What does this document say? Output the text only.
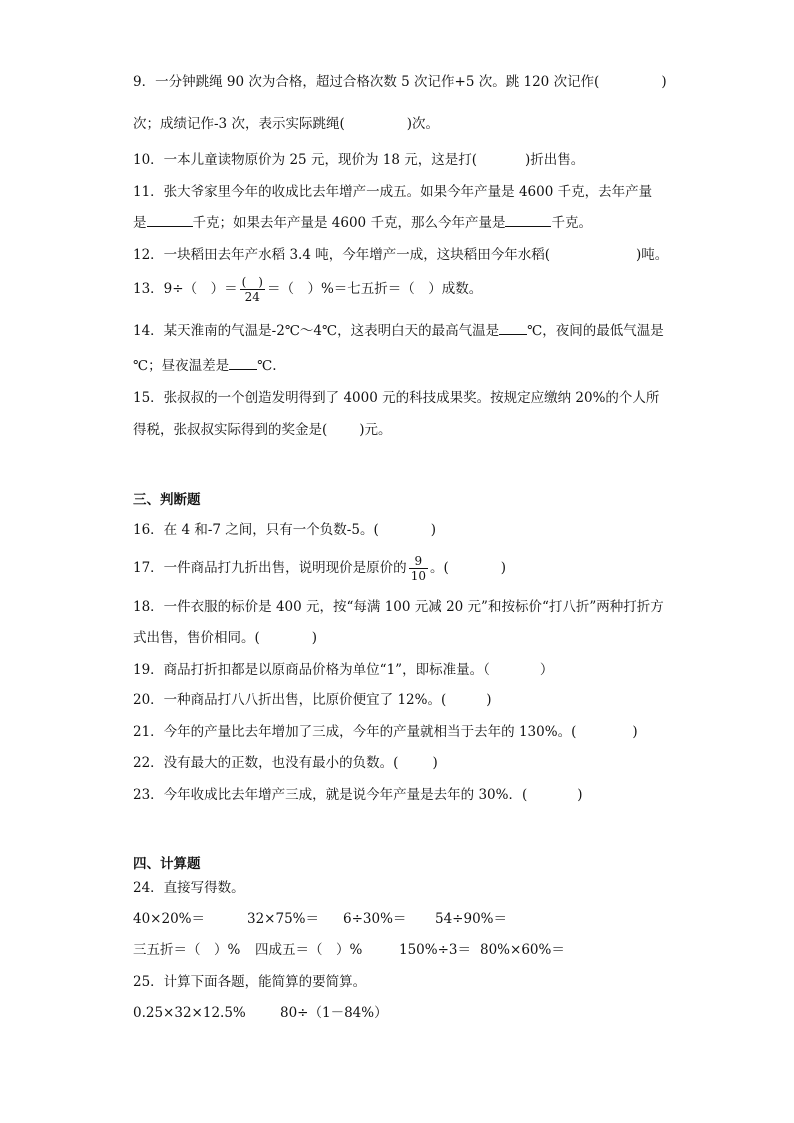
9．一分钟跳绳 90 次为合格，超过合格次数 5 次记作+5 次。跳 120 次记作(	)
次；成绩记作-3 次，表示实际跳绳(	)次。
10．一本儿童读物原价为 25 元，现价为 18 元，这是打(	)折出售。
11．张大爷家里今年的收成比去年增产一成五。如果今年产量是 4600 千克，去年产量
是	千克；如果去年产量是 4600 千克，那么今年产量是	千克。
12．一块稻田去年产水稻 3.4 吨，今年增产一成，这块稻田今年水稻(	)吨。
13．9÷（　）＝ $\frac{( )}{24}$ ＝（　）%＝七五折＝（　）成数。
14．某天淮南的气温是-2℃～4℃，这表明白天的最高气温是 ℃，夜间的最低气温是
℃；昼夜温差是 ℃.
15．张叔叔的一个创造发明得到了 4000 元的科技成果奖。按规定应缴纳 20%的个人所
得税，张叔叔实际得到的奖金是( )元。
三、判断题
16．在 4 和-7 之间，只有一个负数-5。(	)
17．一件商品打九折出售，说明现价是原价的 $\frac{9}{10}$ 。(	)
18．一件衣服的标价是 400 元，按“每满 100 元减 20 元”和按标价“打八折”两种打折方
式出售，售价相同。(	)
19．商品打折扣都是以原商品价格为单位“1”，即标准量。（	）
20．一种商品打八八折出售，比原价便宜了 12%。(	)
21．今年的产量比去年增加了三成，今年的产量就相当于去年的 130%。(	)
22．没有最大的正数，也没有最小的负数。(	)
23．今年收成比去年增产三成，就是说今年产量是去年的 30%．(	)
四、计算题
24．直接写得数。
40×20%＝	32×75%＝ 6÷30%＝ 54÷90%＝
三五折＝（　）% 四成五＝（　）%	150%÷3＝ 80%×60%＝
25．计算下面各题，能简算的要简算。
0.25×32×12.5%	80÷（1－84%）
